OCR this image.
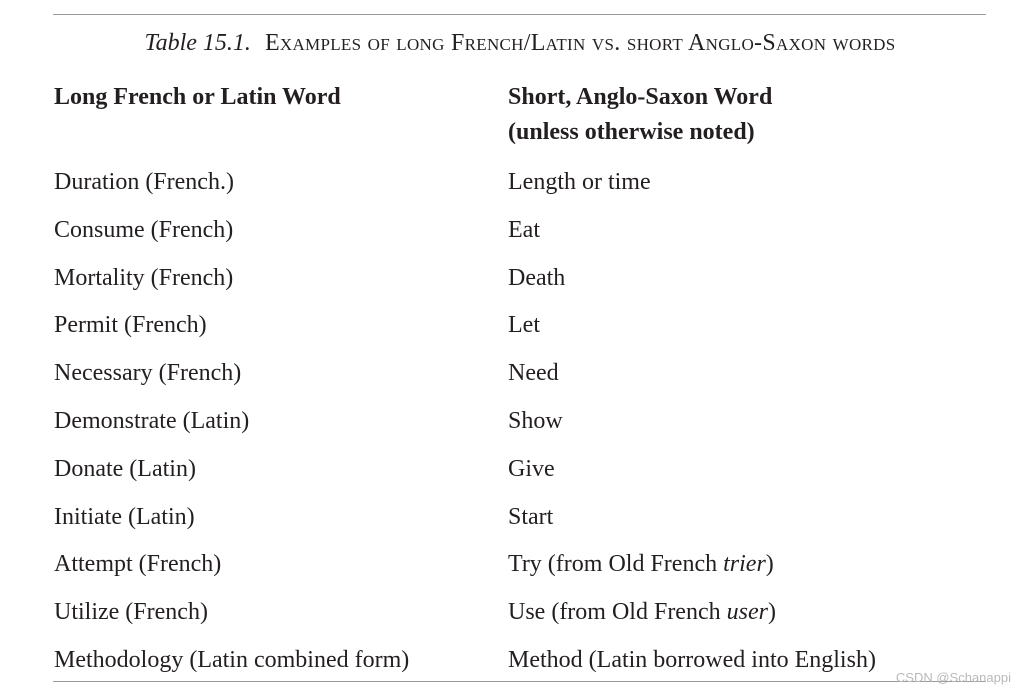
Table 15.1. Examples of long French/Latin vs. short Anglo-Saxon words
Long French or Latin Word	Short, Anglo-Saxon Word
(unless otherwise noted)
Duration (French.)	Length or time
Consume (French)	Eat
Mortality (French)	Death
Permit (French)	Let
Necessary (French)	Need
Demonstrate (Latin)	Show
Donate (Latin)	Give
Initiate (Latin)	Start
Attempt (French)	Try (from Old French trier)
Utilize (French)	Use (from Old French user)
Methodology (Latin combined form)	Method (Latin borrowed into English)
CSDN @Schanappi
